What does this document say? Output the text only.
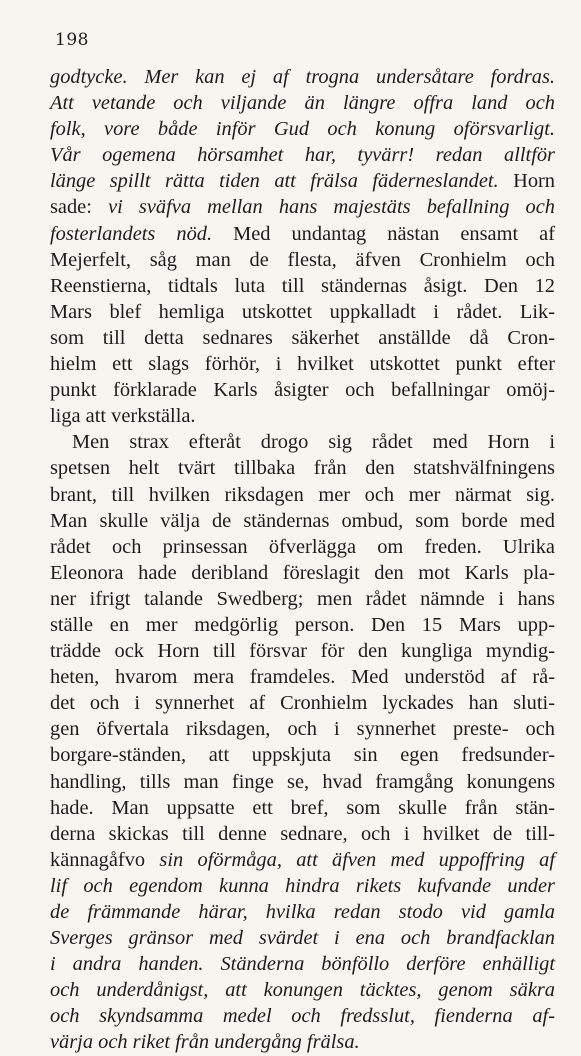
198
godtycke. Mer kan ej af trogna undersåtare fordras.
Att vetande och viljande än längre offra land och
folk, vore både inför Gud och konung oförsvarligt.
Vår ogemena hörsamhet har, tyvärr! redan alltför
länge spillt rätta tiden att frälsa fäderneslandet. Horn
sade: vi sväfva mellan hans majestäts befallning och
fosterlandets nöd. Med undantag nästan ensamt af
Mejerfelt, såg man de flesta, äfven Cronhielm och
Reenstierna, tidtals luta till ständernas åsigt. Den 12
Mars blef hemliga utskottet uppkalladt i rådet. Lik-
som till detta sednares säkerhet anställde då Cron-
hielm ett slags förhör, i hvilket utskottet punkt efter
punkt förklarade Karls åsigter och befallningar omöj-
liga att verkställa.
Men strax efteråt drogo sig rådet med Horn i
spetsen helt tvärt tillbaka från den statshvälfningens
brant, till hvilken riksdagen mer och mer närmat sig.
Man skulle välja de ständernas ombud, som borde med
rådet och prinsessan öfverlägga om freden. Ulrika
Eleonora hade deribland föreslagit den mot Karls pla-
ner ifrigt talande Swedberg; men rådet nämnde i hans
ställe en mer medgörlig person. Den 15 Mars upp-
trädde ock Horn till försvar för den kungliga myndig-
heten, hvarom mera framdeles. Med understöd af rå-
det och i synnerhet af Cronhielm lyckades han sluti-
gen öfvertala riksdagen, och i synnerhet preste- och
borgare-ständen, att uppskjuta sin egen fredsunder-
handling, tills man finge se, hvad framgång konungens
hade. Man uppsatte ett bref, som skulle från stän-
derna skickas till denne sednare, och i hvilket de till-
kännagåfvo sin oförmåga, att äfven med uppoffring af
lif och egendom kunna hindra rikets kufvande under
de främmande härar, hvilka redan stodo vid gamla
Sverges gränsor med svärdet i ena och brandfacklan
i andra handen. Ständerna bönföllo derföre enhälligt
och underdånigst, att konungen täcktes, genom säkra
och skyndsamma medel och fredsslut, fienderna af-
värja och riket från undergång frälsa.
